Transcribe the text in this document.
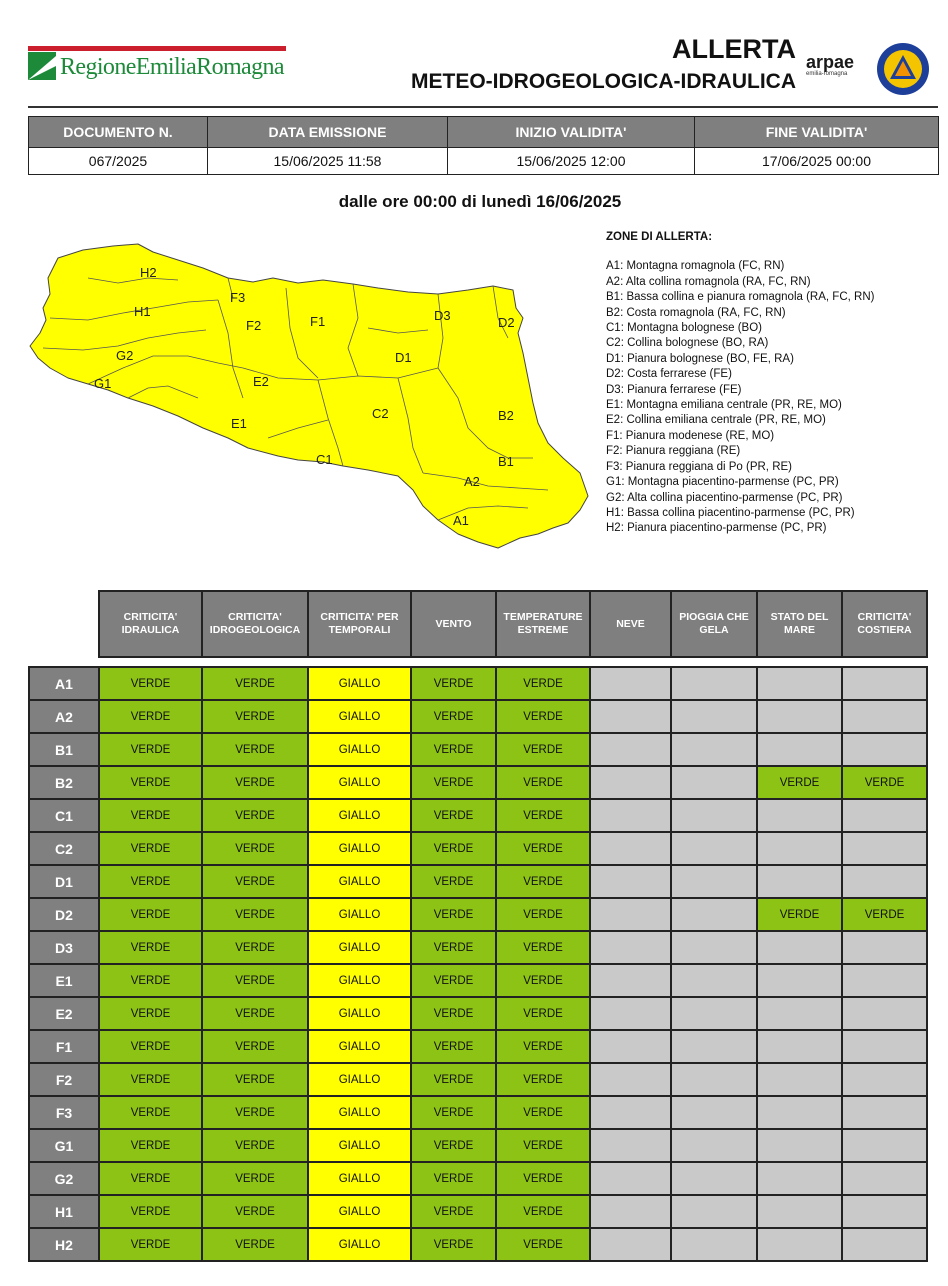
RegioneEmiliaRomagna
ALLERTA
METEO-IDROGEOLOGICA-IDRAULICA
arpae
emilia-romagna
DOCUMENTO N.	DATA EMISSIONE	INIZIO VALIDITA'	FINE VALIDITA'
067/2025	15/06/2025 11:58	15/06/2025 12:00	17/06/2025 00:00
dalle ore 00:00 di lunedì 16/06/2025
H2
H1
G2
G1
F3
F2	F1
E2
E1
D3	D2
D1
C2
C1
B2
B1
A2
A1
ZONE DI ALLERTA:
A1: Montagna romagnola (FC, RN)
A2: Alta collina romagnola (RA, FC, RN)
B1: Bassa collina e pianura romagnola (RA, FC, RN)
B2: Costa romagnola (RA, FC, RN)
C1: Montagna bolognese (BO)
C2: Collina bolognese (BO, RA)
D1: Pianura bolognese (BO, FE, RA)
D2: Costa ferrarese (FE)
D3: Pianura ferrarese (FE)
E1: Montagna emiliana centrale (PR, RE, MO)
E2: Collina emiliana centrale (PR, RE, MO)
F1: Pianura modenese (RE, MO)
F2: Pianura reggiana (RE)
F3: Pianura reggiana di Po (PR, RE)
G1: Montagna piacentino-parmense (PC, PR)
G2: Alta collina piacentino-parmense (PC, PR)
H1: Bassa collina piacentino-parmense (PC, PR)
H2: Pianura piacentino-parmense (PC, PR)
	CRITICITA' IDRAULICA	CRITICITA' IDROGEOLOGICA	CRITICITA' PER TEMPORALI	VENTO	TEMPERATURE ESTREME	NEVE	PIOGGIA CHE GELA	STATO DEL MARE	CRITICITA' COSTIERA

A1	VERDE	VERDE	GIALLO	VERDE	VERDE				
A2	VERDE	VERDE	GIALLO	VERDE	VERDE				
B1	VERDE	VERDE	GIALLO	VERDE	VERDE				
B2	VERDE	VERDE	GIALLO	VERDE	VERDE			VERDE	VERDE
C1	VERDE	VERDE	GIALLO	VERDE	VERDE				
C2	VERDE	VERDE	GIALLO	VERDE	VERDE				
D1	VERDE	VERDE	GIALLO	VERDE	VERDE				
D2	VERDE	VERDE	GIALLO	VERDE	VERDE			VERDE	VERDE
D3	VERDE	VERDE	GIALLO	VERDE	VERDE				
E1	VERDE	VERDE	GIALLO	VERDE	VERDE				
E2	VERDE	VERDE	GIALLO	VERDE	VERDE				
F1	VERDE	VERDE	GIALLO	VERDE	VERDE				
F2	VERDE	VERDE	GIALLO	VERDE	VERDE				
F3	VERDE	VERDE	GIALLO	VERDE	VERDE				
G1	VERDE	VERDE	GIALLO	VERDE	VERDE				
G2	VERDE	VERDE	GIALLO	VERDE	VERDE				
H1	VERDE	VERDE	GIALLO	VERDE	VERDE				
H2	VERDE	VERDE	GIALLO	VERDE	VERDE				
